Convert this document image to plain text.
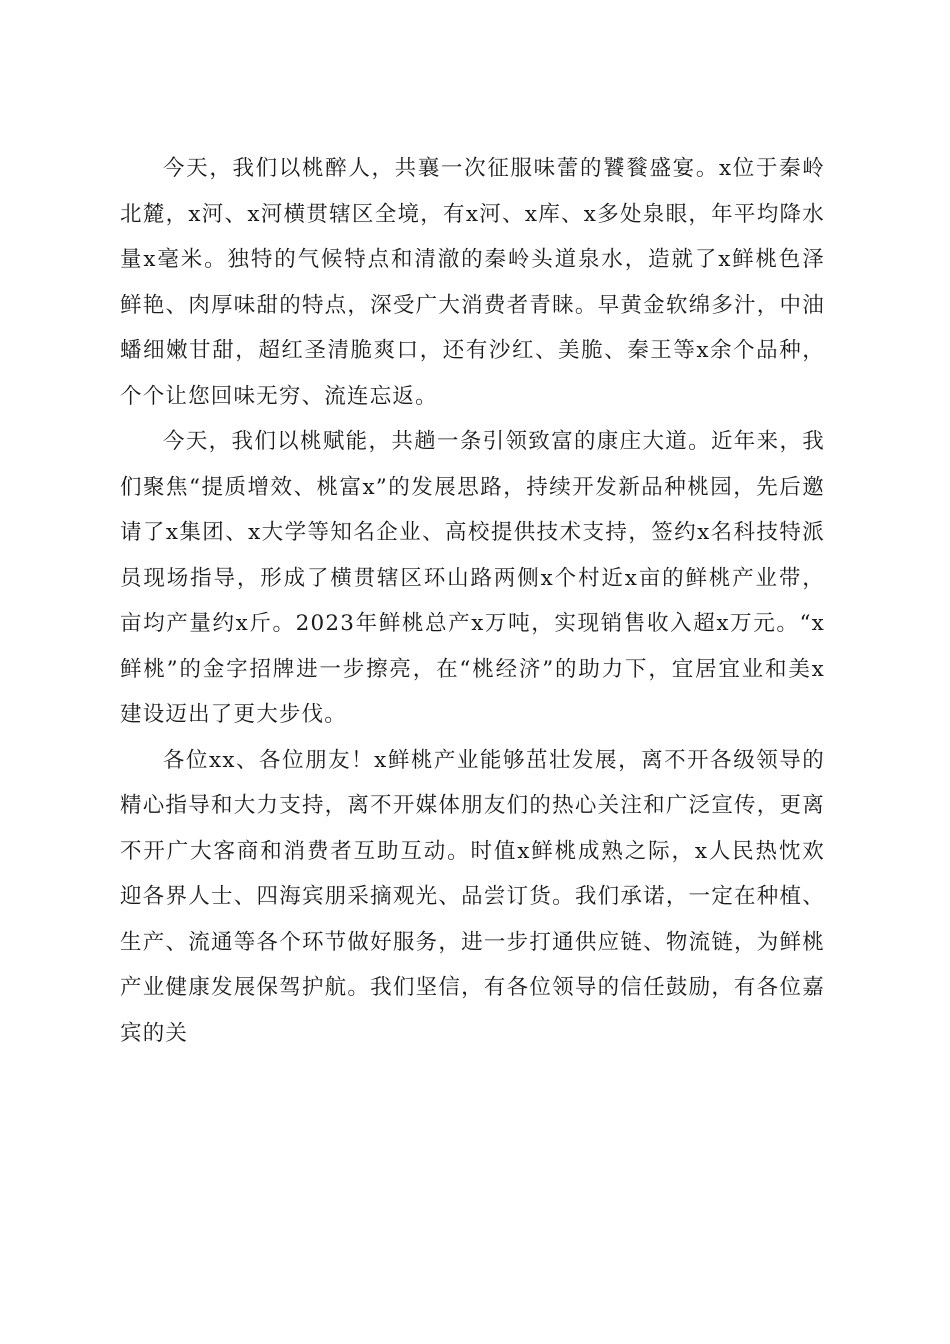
今天，我们以桃醉人，共襄一次征服味蕾的饕餮盛宴。x位于秦岭北麓，x河、x河横贯辖区全境，有x河、x库、x多处泉眼，年平均降水量x毫米。独特的气候特点和清澈的秦岭头道泉水，造就了x鲜桃色泽鲜艳、肉厚味甜的特点，深受广大消费者青睐。早黄金软绵多汁，中油蟠细嫩甘甜，超红圣清脆爽口，还有沙红、美脆、秦王等x余个品种，个个让您回味无穷、流连忘返。

今天，我们以桃赋能，共趟一条引领致富的康庄大道。近年来，我们聚焦“提质增效、桃富x”的发展思路，持续开发新品种桃园，先后邀请了x集团、x大学等知名企业、高校提供技术支持，签约x名科技特派员现场指导，形成了横贯辖区环山路两侧x个村近x亩的鲜桃产业带，亩均产量约x斤。2023年鲜桃总产x万吨，实现销售收入超x万元。“x鲜桃”的金字招牌进一步擦亮，在“桃经济”的助力下，宜居宜业和美x建设迈出了更大步伐。

各位xx、各位朋友！x鲜桃产业能够茁壮发展，离不开各级领导的精心指导和大力支持，离不开媒体朋友们的热心关注和广泛宣传，更离不开广大客商和消费者互助互动。时值x鲜桃成熟之际，x人民热忱欢迎各界人士、四海宾朋采摘观光、品尝订货。我们承诺，一定在种植、生产、流通等各个环节做好服务，进一步打通供应链、物流链，为鲜桃产业健康发展保驾护航。我们坚信，有各位领导的信任鼓励，有各位嘉宾的关
